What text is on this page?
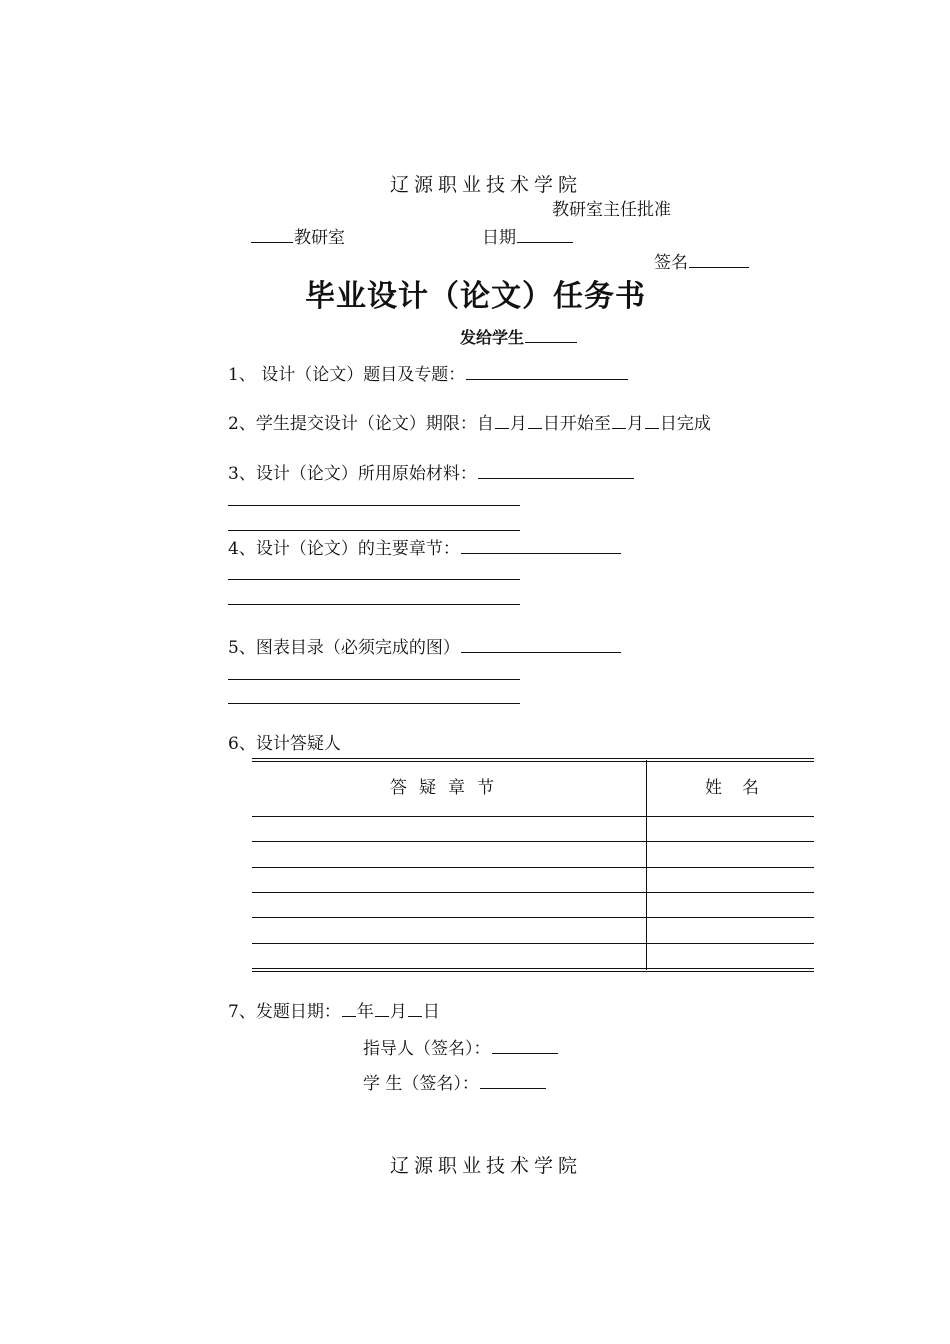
辽源职业技术学院
教研室主任批准
教研室	日期
签名
毕业设计（论文）任务书
发给学生
1、 设计（论文）题目及专题：
2、学生提交设计（论文）期限：自 月 日开始至 月 日完成
3、设计（论文）所用原始材料：
4、设计（论文）的主要章节：
5、图表目录（必须完成的图）
6、设计答疑人
答疑章节	姓名
7、发题日期： 年 月 日
指导人（签名）：
学 生（签名）：
辽源职业技术学院
